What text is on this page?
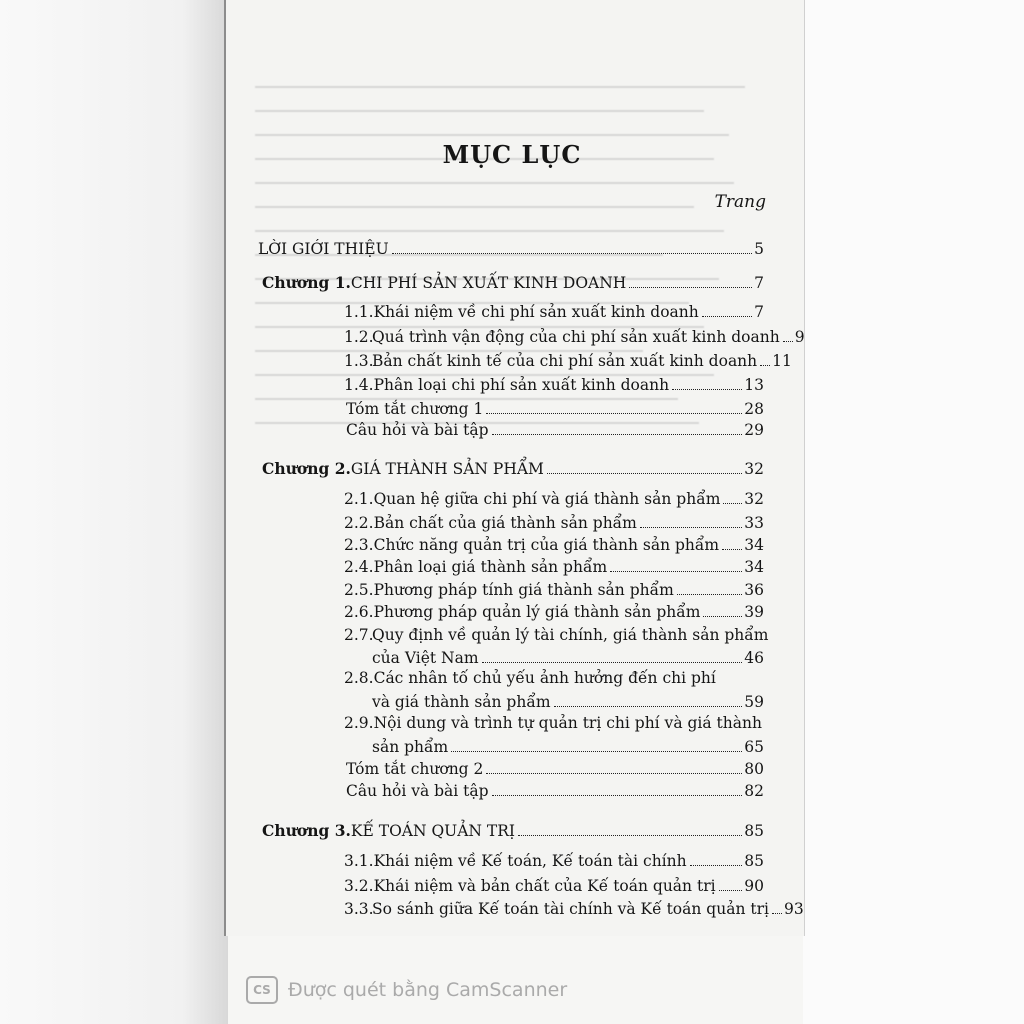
MỤC LỤC
Trang
LỜI GIỚI THIỆU	5
Chương 1. CHI PHÍ SẢN XUẤT KINH DOANH	7
1.1. Khái niệm về chi phí sản xuất kinh doanh	7
1.2.
Quá trình vận động của chi phí sản xuất kinh doanh 9
1.3.
Bản chất kinh tế của chi phí sản xuất kinh doanh 11
1.4. Phân loại chi phí sản xuất kinh doanh	13
Tóm tắt chương 1	28
Câu hỏi và bài tập	29
Chương 2. GIÁ THÀNH SẢN PHẨM	32
2.1. Quan hệ giữa chi phí và giá thành sản phẩm 32
2.2. Bản chất của giá thành sản phẩm	33
2.3. Chức năng quản trị của giá thành sản phẩm 34
2.4. Phân loại giá thành sản phẩm	34
2.5. Phương pháp tính giá thành sản phẩm	36
2.6. Phương pháp quản lý giá thành sản phẩm	39
2.7.
Quy định về quản lý tài chính, giá thành sản phẩm
của Việt Nam	46
2.8. Các nhân tố chủ yếu ảnh hưởng đến chi phí
và giá thành sản phẩm	59
2.9. Nội dung và trình tự quản trị chi phí và giá thành
sản phẩm	65
Tóm tắt chương 2	80
Câu hỏi và bài tập	82
Chương 3. KẾ TOÁN QUẢN TRỊ	85
3.1. Khái niệm về Kế toán, Kế toán tài chính	85
3.2. Khái niệm và bản chất của Kế toán quản trị 90
3.3.
So sánh giữa Kế toán tài chính và Kế toán quản trị 93
CS Được quét bằng CamScanner
